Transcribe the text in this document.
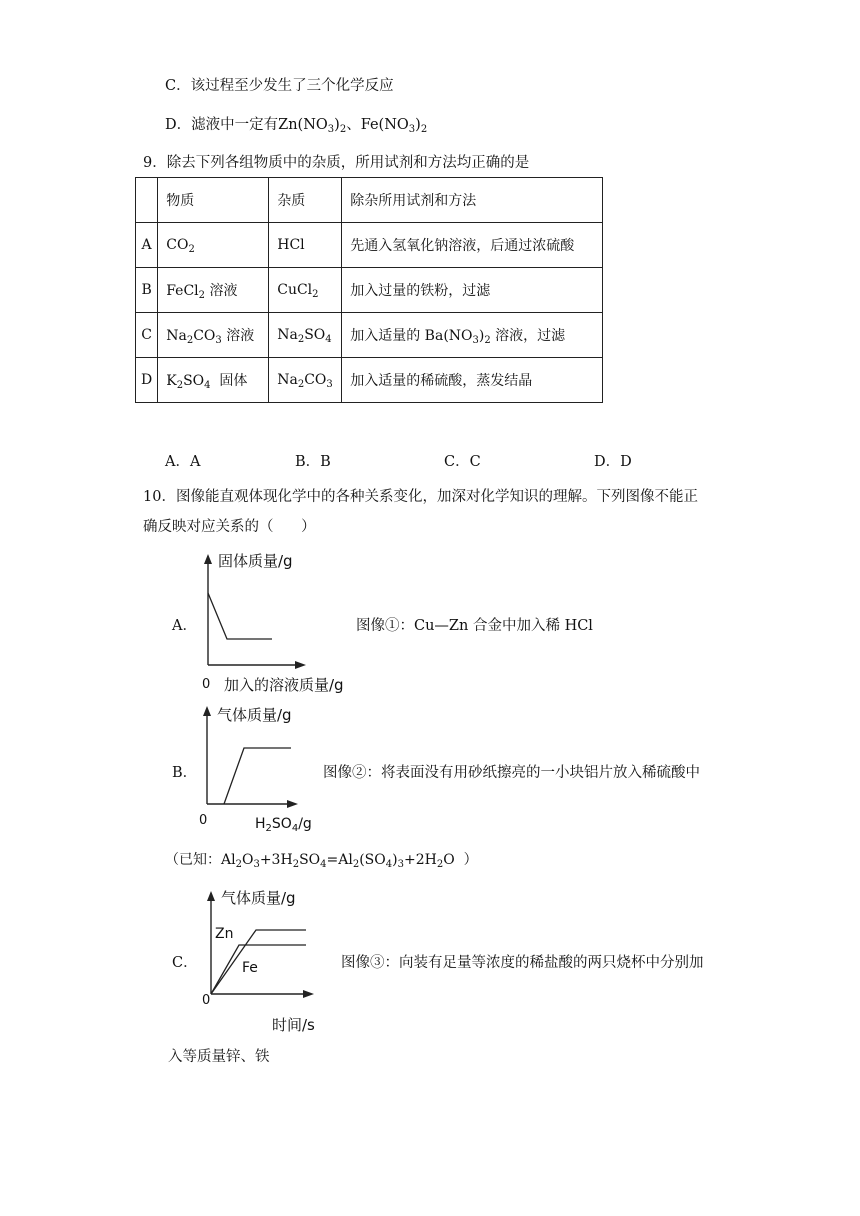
C．该过程至少发生了三个化学反应
D．滤液中一定有$Zn(NO_3)_2$、$Fe(NO_3)_2$
9．除去下列各组物质中的杂质，所用试剂和方法均正确的是
	物质	杂质	除杂所用试剂和方法
A	$CO_2$	HCl	先通入氢氧化钠溶液，后通过浓硫酸
B	FeCl$_2$ 溶液	CuCl$_2$	加入过量的铁粉，过滤
C	$Na_2CO_3$ 溶液	$Na_2SO_4$	加入适量的 $Ba(NO_3)_2$ 溶液，过滤
D	$K_2SO_4$  固体	$Na_2CO_3$	加入适量的稀硫酸，蒸发结晶
A．A	B．B	C．C	D．D
10．图像能直观体现化学中的各种关系变化，加深对化学知识的理解。下列图像不能正
确反映对应关系的（      ）
A．
固体质量/g
0 加入的溶液质量/g
图像①：Cu—Zn 合金中加入稀 HCl
B．
气体质量/g
0	$H_2SO_4/g$
图像②：将表面没有用砂纸擦亮的一小块铝片放入稀硫酸中
（已知：$Al_2O_3+3H_2SO_4=Al_2(SO_4)_3+2H_2O$  ）
C．
气体质量/g
Zn
Fe
0
时间/s
图像③：向装有足量等浓度的稀盐酸的两只烧杯中分别加
入等质量锌、铁
